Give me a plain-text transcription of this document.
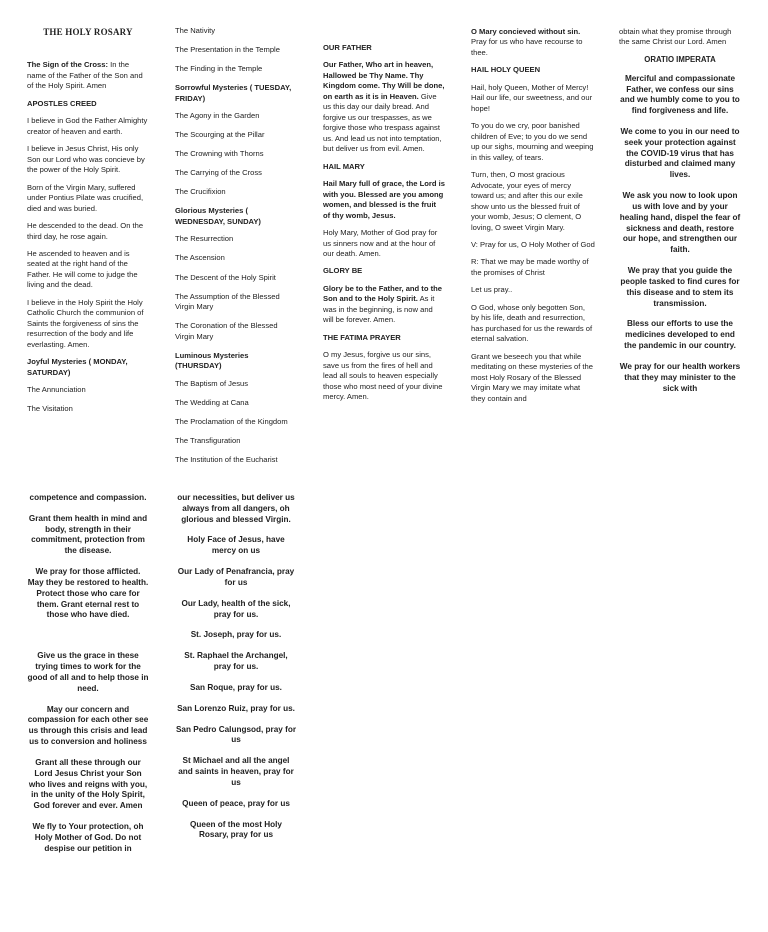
THE HOLY ROSARY

The Sign of the Cross: In the name of the Father of the Son and of the Holy Spirit. Amen

APOSTLES CREED

I believe in God the Father Almighty creator of heaven and earth.

I believe in Jesus Christ, His only Son our Lord who was concieve by the power of the Holy Spirit.

Born of the Virgin Mary, suffered under Pontius Pilate was crucified, died and was buried.

He descended to the dead. On the third day, he rose again.

He ascended to heaven and is seated at the right hand of the Father. He will come to judge the living and the dead.

I believe in the Holy Spirit the Holy Catholic Church the communion of Saints the forgiveness of sins the resurrection of the body and life everlasting. Amen.

Joyful Mysteries ( MONDAY, SATURDAY)
The Annunciation
The Visitation
The Nativity
The Presentation in the Temple
The Finding in the Temple
Sorrowful Mysteries ( TUESDAY, FRIDAY)
The Agony in the Garden
The Scourging at the Pillar
The Crowning with Thorns
The Carrying of the Cross
The Crucifixion
Glorious Mysteries ( WEDNESDAY, SUNDAY)
The Resurrection
The Ascension
The Descent of the Holy Spirit
The Assumption of the Blessed Virgin Mary
The Coronation of the Blessed Virgin Mary
Luminous Mysteries (THURSDAY)
The Baptism of Jesus
The Wedding at Cana
The Proclamation of the Kingdom
The Transfiguration
The Institution of the Eucharist
OUR FATHER

Our Father, Who art in heaven, Hallowed be Thy Name. Thy Kingdom come. Thy Will be done, on earth as it is in Heaven. Give us this day our daily bread. And forgive us our trespasses, as we forgive those who trespass against us. And lead us not into temptation, but deliver us from evil. Amen.

HAIL MARY

Hail Mary full of grace, the Lord is with you. Blessed are you among women, and blessed is the fruit of thy womb, Jesus.

Holy Mary, Mother of God pray for us sinners now and at the hour of our death. Amen.

GLORY BE

Glory be to the Father, and to the Son and to the Holy Spirit. As it was in the beginning, is now and will be forever. Amen.

THE FATIMA PRAYER

O my Jesus, forgive us our sins, save us from the fires of hell and lead all souls to heaven especially those who most need of your divine mercy. Amen.

O Mary concieved without sin. Pray for us who have recourse to thee.

HAIL HOLY QUEEN

Hail, holy Queen, Mother of Mercy! Hail our life, our sweetness, and our hope!

To you do we cry, poor banished children of Eve; to you do we send up our sighs, mourning and weeping in this valley, of tears.

Turn, then, O most gracious Advocate, your eyes of mercy toward us; and after this our exile show unto us the blessed fruit of your womb, Jesus; O clement, O loving, O sweet Virgin Mary.

V: Pray for us, O Holy Mother of God

R: That we may be made worthy of the promises of Christ

Let us pray..

O God, whose only begotten Son, by his life, death and resurrection, has purchased for us the rewards of eternal salvation.

Grant we beseech you that while meditating on these mysteries of the most Holy Rosary of the Blessed Virgin Mary we may imitate what they contain and

obtain what they promise through the same Christ our Lord. Amen

ORATIO IMPERATA

Merciful and compassionate Father, we confess our sins and we humbly come to you to find forgiveness and life.

We come to you in our need to seek your protection against the COVID-19 virus that has disturbed and claimed many lives.

We ask you now to look upon us with love and by your healing hand, dispel the fear of sickness and death, restore our hope, and strengthen our faith.

We pray that you guide the people tasked to find cures for this disease and to stem its transmission.

Bless our efforts to use the medicines developed to end the pandemic in our country.

We pray for our health workers that they may minister to the sick with

competence and compassion.

Grant them health in mind and body, strength in their commitment, protection from the disease.

We pray for those afflicted. May they be restored to health. Protect those who care for them. Grant eternal rest to those who have died.

Give us the grace in these trying times to work for the good of all and to help those in need.

May our concern and compassion for each other see us through this crisis and lead us to conversion and holiness

Grant all these through our Lord Jesus Christ your Son who lives and reigns with you, in the unity of the Holy Spirit, God forever and ever. Amen

We fly to Your protection, oh Holy Mother of God. Do not despise our petition in

our necessities, but deliver us always from all dangers, oh glorious and blessed Virgin.

Holy Face of Jesus, have mercy on us

Our Lady of Penafrancia, pray for us

Our Lady, health of the sick, pray for us.

St. Joseph, pray for us.

St. Raphael the Archangel, pray for us.

San Roque, pray for us.

San Lorenzo Ruiz, pray for us.

San Pedro Calungsod, pray for us

St Michael and all the angel and saints in heaven, pray for us

Queen of peace, pray for us

Queen of the most Holy Rosary, pray for us
